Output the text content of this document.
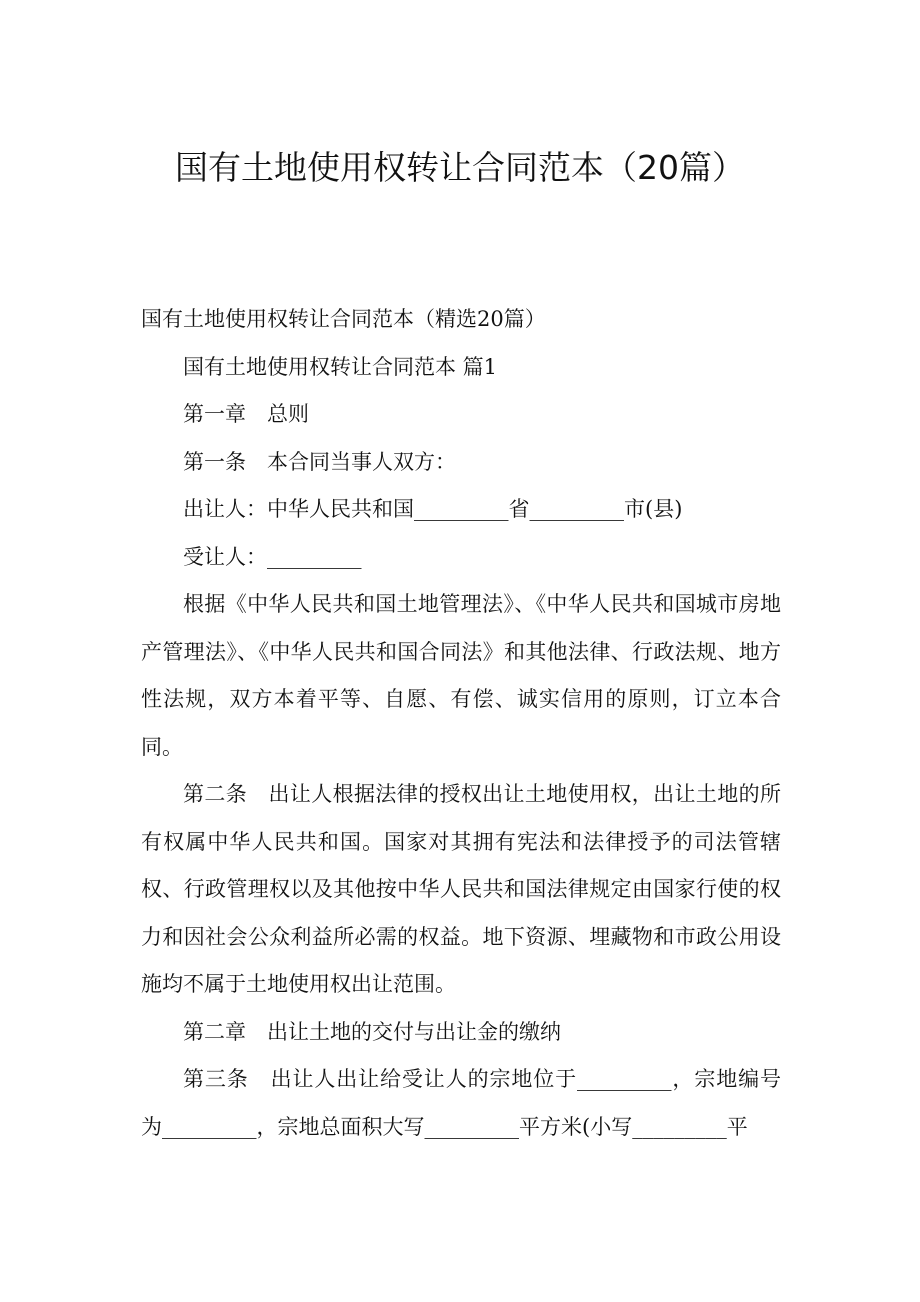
国有土地使用权转让合同范本（20篇）

国有土地使用权转让合同范本（精选20篇）

国有土地使用权转让合同范本 篇1

第一章　总则

第一条　本合同当事人双方：

出让人：中华人民共和国_________省_________市(县)

受让人：_________

根据《中华人民共和国土地管理法》、《中华人民共和国城市房地产管理法》、《中华人民共和国合同法》和其他法律、行政法规、地方性法规，双方本着平等、自愿、有偿、诚实信用的原则，订立本合同。

第二条　出让人根据法律的授权出让土地使用权，出让土地的所有权属中华人民共和国。国家对其拥有宪法和法律授予的司法管辖权、行政管理权以及其他按中华人民共和国法律规定由国家行使的权力和因社会公众利益所必需的权益。地下资源、埋藏物和市政公用设施均不属于土地使用权出让范围。

第二章　出让土地的交付与出让金的缴纳

第三条　出让人出让给受让人的宗地位于_________，宗地编号为_________，宗地总面积大写_________平方米(小写_________平
